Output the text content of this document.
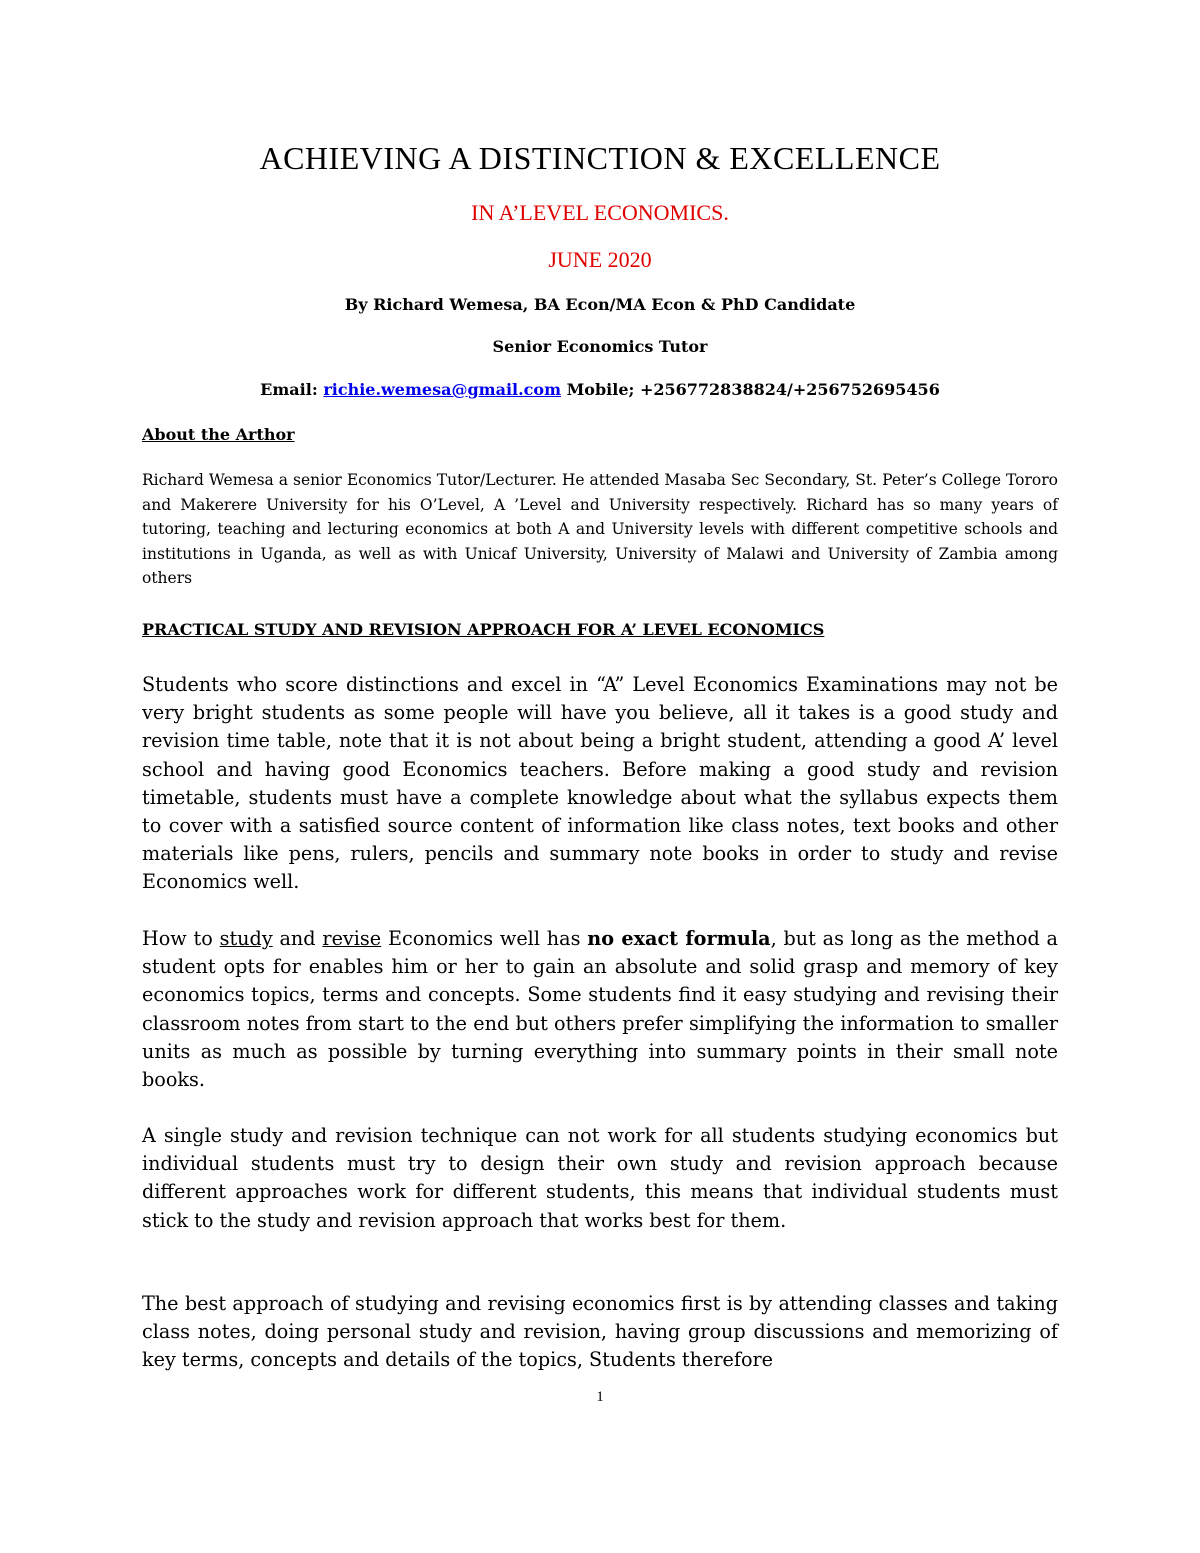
ACHIEVING A DISTINCTION & EXCELLENCE
IN A’LEVEL ECONOMICS.
JUNE 2020
By Richard Wemesa, BA Econ/MA Econ & PhD Candidate
Senior Economics Tutor
Email: richie.wemesa@gmail.com Mobile; +256772838824/+256752695456
About the Arthor
Richard Wemesa a senior Economics Tutor/Lecturer. He attended Masaba Sec Secondary, St. Peter’s College Tororo and Makerere University for his O’Level, A ’Level and University respectively. Richard has so many years of tutoring, teaching and lecturing economics at both A and University levels with different competitive schools and institutions in Uganda, as well as with Unicaf University, University of Malawi and University of Zambia among others
PRACTICAL STUDY AND REVISION APPROACH FOR A’ LEVEL ECONOMICS
Students who score distinctions and excel in “A” Level Economics Examinations may not be very bright students as some people will have you believe, all it takes is a good study and revision time table, note that it is not about being a bright student, attending a good A’ level school and having good Economics teachers. Before making a good study and revision timetable, students must have a complete knowledge about what the syllabus expects them to cover with a satisfied source content of information like class notes, text books and other materials like pens, rulers, pencils and summary note books in order to study and revise Economics well.
How to study and revise Economics well has no exact formula, but as long as the method a student opts for enables him or her to gain an absolute and solid grasp and memory of key economics topics, terms and concepts. Some students find it easy studying and revising their classroom notes from start to the end but others prefer simplifying the information to smaller units as much as possible by turning everything into summary points in their small note books.
A single study and revision technique can not work for all students studying economics but individual students must try to design their own study and revision approach because different approaches work for different students, this means that individual students must stick to the study and revision approach that works best for them.
The best approach of studying and revising economics first is by attending classes and taking class notes, doing personal study and revision, having group discussions and memorizing of key terms, concepts and details of the topics, Students therefore
1
